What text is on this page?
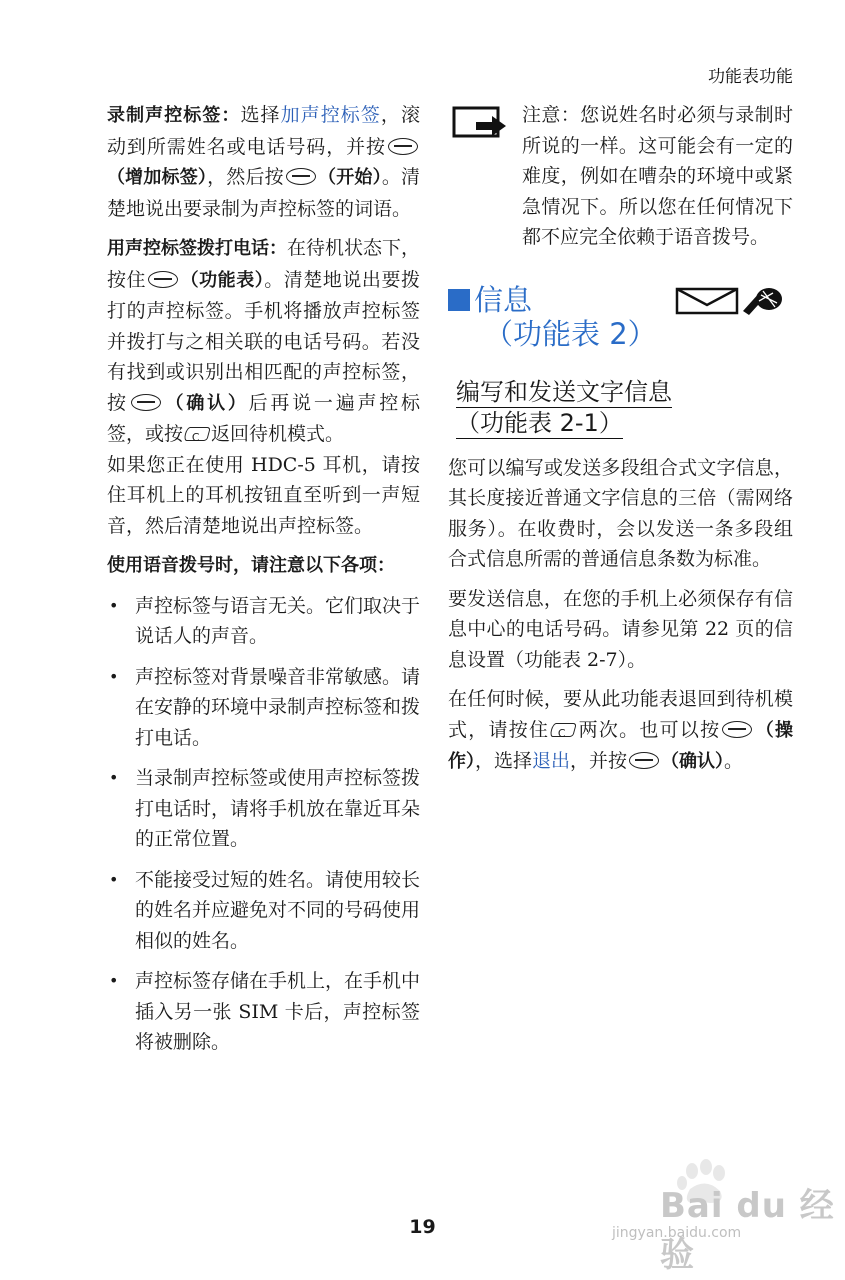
功能表功能

录制声控标签：选择加声控标签，滚动到所需姓名或电话号码，并按（增加标签），然后按 （开始）。清楚地说出要录制为声控标签的词语。

用声控标签拨打电话：在待机状态下，按住 （功能表）。清楚地说出要拨打的声控标签。手机将播放声控标签并拨打与之相关联的电话号码。若没有找到或识别出相匹配的声控标签，按 （确认）后再说一遍声控标签，或按 C 返回待机模式。

如果您正在使用 HDC-5 耳机，请按住耳机上的耳机按钮直至听到一声短音，然后清楚地说出声控标签。

使用语音拨号时，请注意以下各项：

• 声控标签与语言无关。它们取决于说话人的声音。
• 声控标签对背景噪音非常敏感。请在安静的环境中录制声控标签和拨打电话。
• 当录制声控标签或使用声控标签拨打电话时，请将手机放在靠近耳朵的正常位置。
• 不能接受过短的姓名。请使用较长的姓名并应避免对不同的号码使用相似的姓名。
• 声控标签存储在手机上，在手机中插入另一张 SIM 卡后，声控标签将被删除。

注意：您说姓名时必须与录制时所说的一样。这可能会有一定的难度，例如在嘈杂的环境中或紧急情况下。所以您在任何情况下都不应完全依赖于语音拨号。

信息
（功能表 2）
编写和发送文字信息
（功能表 2-1）

您可以编写或发送多段组合式文字信息，其长度接近普通文字信息的三倍（需网络服务）。在收费时，会以发送一条多段组合式信息所需的普通信息条数为标准。

要发送信息，在您的手机上必须保存有信息中心的电话号码。请参见第 22 页的信息设置（功能表 2-7）。

在任何时候，要从此功能表退回到待机模式，请按住 C 两次。也可以按 （操作），选择退出，并按 （确认）。

Bai du 经验
jingyan.baidu.com
19
